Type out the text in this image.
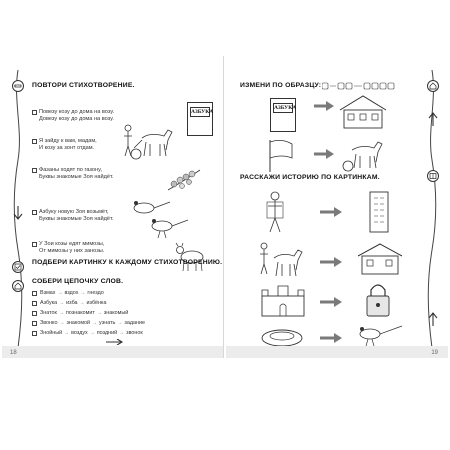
ПОВТОРИ СТИХОТВОРЕНИЕ.
Повезу козу до дома на возу.
Довезу козу до дома на возу.
Я зайду к вам, мадам,
И козу за зонт отдам.
Фазаны ходят по газону,
Буквы знакомые Зоя найдёт.
Азбуку новую Зоя возьмёт,
Буквы знакомые Зоя найдёт.
У Зои козы едят мимозы,
От мимозы у них занозы.
АЗБУКА
ПОДБЕРИ КАРТИНКУ К КАЖДОМУ СТИХОТВОРЕНИЮ.
СОБЕРИ ЦЕПОЧКУ СЛОВ.
Взмах → вздох → гнездо
Азбука → изба → избёнка
Знаток → познакомит → знакомый
Звонко → знакомой → узнать → задание
Знойный → воздух → поздний → звонок
18
ИЗМЕНИ ПО ОБРАЗЦУ:
АЗБУКА
РАССКАЖИ ИСТОРИЮ ПО КАРТИНКАМ.
19
